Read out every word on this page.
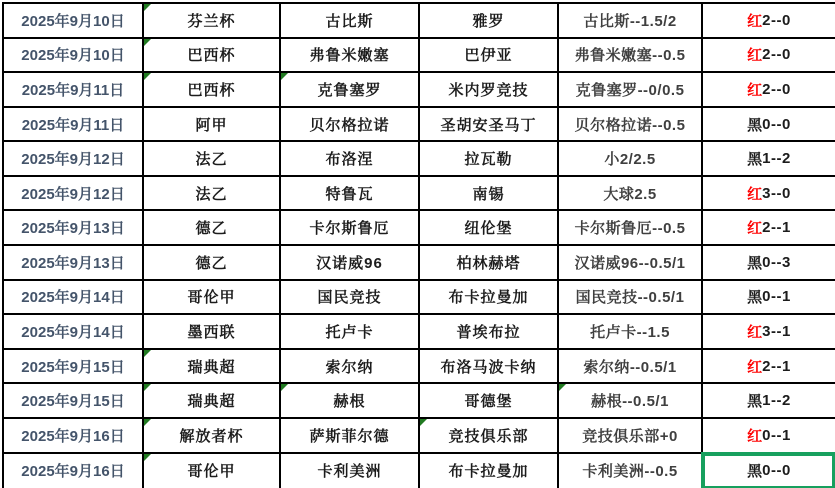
2025年9月10日	芬兰杯	古比斯	雅罗	古比斯--1.5/2	红 2--0
2025年9月10日	巴西杯	弗鲁米嫩塞	巴伊亚	弗鲁米嫩塞--0.5	红 2--0
2025年9月11日	巴西杯	克鲁塞罗	米内罗竞技	克鲁塞罗--0/0.5	红 2--0
2025年9月11日	阿甲	贝尔格拉诺	圣胡安圣马丁	贝尔格拉诺--0.5	黑 0--0
2025年9月12日	法乙	布洛涅	拉瓦勒	小2/2.5	黑 1--2
2025年9月12日	法乙	特鲁瓦	南锡	大球2.5	红 3--0
2025年9月13日	德乙	卡尔斯鲁厄	纽伦堡	卡尔斯鲁厄--0.5	红 2--1
2025年9月13日	德乙	汉诺威96	柏林赫塔	汉诺威96--0.5/1	黑 0--3
2025年9月14日	哥伦甲	国民竞技	布卡拉曼加	国民竞技--0.5/1	黑 0--1
2025年9月14日	墨西联	托卢卡	普埃布拉	托卢卡--1.5	红 3--1
2025年9月15日	瑞典超	索尔纳	布洛马波卡纳	索尔纳--0.5/1	红 2--1
2025年9月15日	瑞典超	赫根	哥德堡	赫根--0.5/1	黑 1--2
2025年9月16日	解放者杯	萨斯菲尔德	竞技俱乐部	竞技俱乐部+0	红 0--1
2025年9月16日	哥伦甲	卡利美洲	布卡拉曼加	卡利美洲--0.5	黑 0--0
